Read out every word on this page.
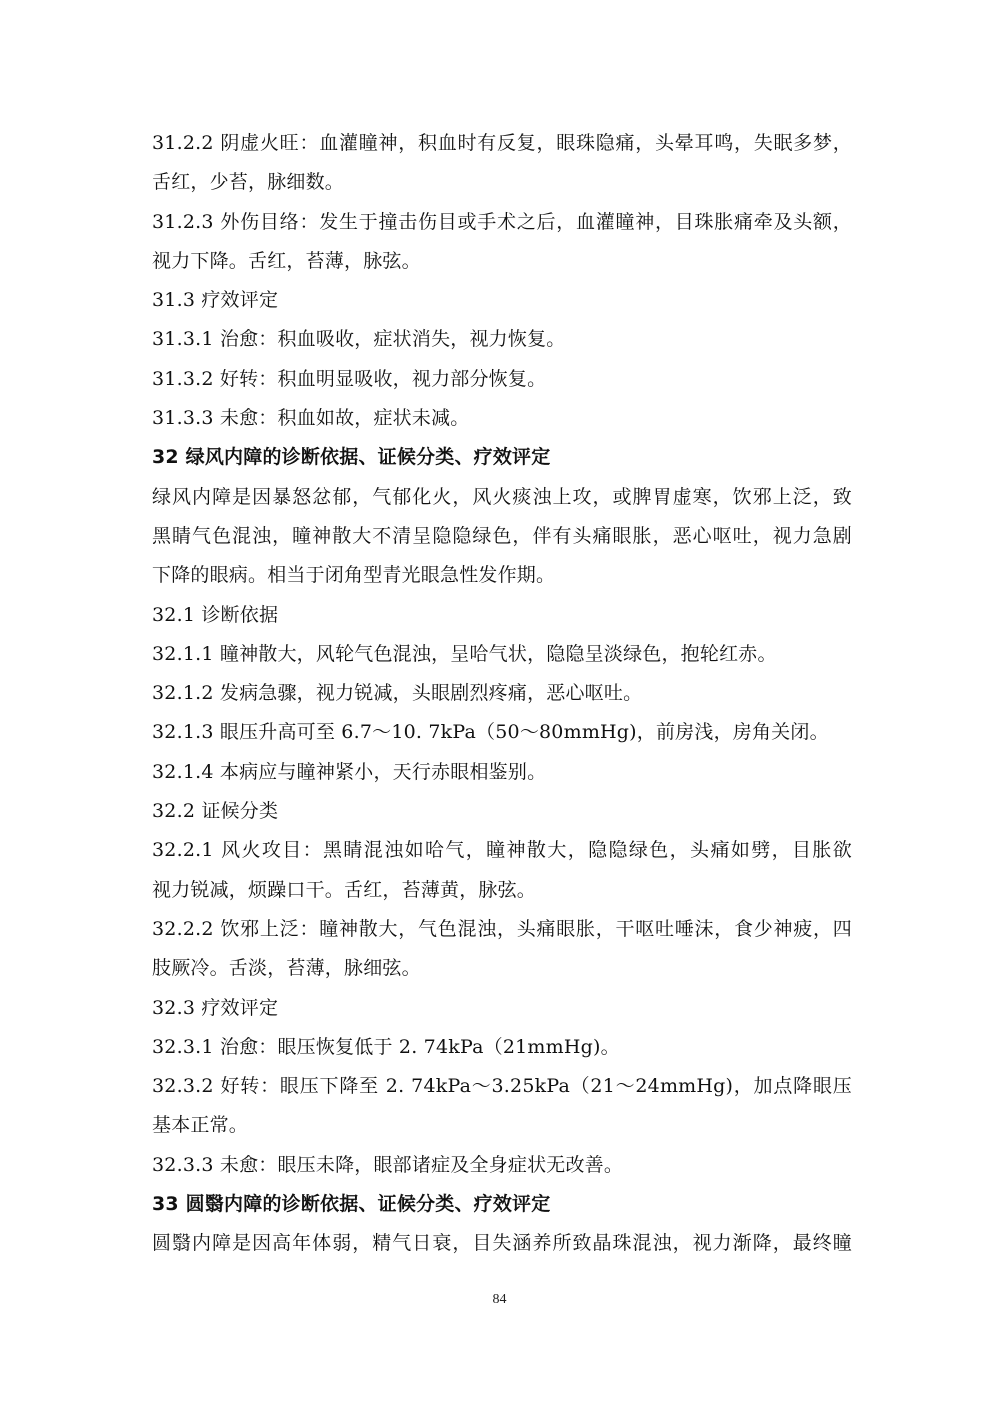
31.2.2 阴虚火旺：血灌瞳神，积血时有反复，眼珠隐痛，头晕耳鸣，失眠多梦，
舌红，少苔，脉细数。
31.2.3 外伤目络：发生于撞击伤目或手术之后，血灌瞳神，目珠胀痛牵及头额，
视力下降。舌红，苔薄，脉弦。
31.3 疗效评定
31.3.1 治愈：积血吸收，症状消失，视力恢复。
31.3.2 好转：积血明显吸收，视力部分恢复。
31.3.3 未愈：积血如故，症状未减。
32 绿风内障的诊断依据、证候分类、疗效评定
绿风内障是因暴怒忿郁，气郁化火，风火痰浊上攻，或脾胃虚寒，饮邪上泛，致
黑睛气色混浊，瞳神散大不清呈隐隐绿色，伴有头痛眼胀，恶心呕吐，视力急剧
下降的眼病。相当于闭角型青光眼急性发作期。
32.1 诊断依据
32.1.1 瞳神散大，风轮气色混浊，呈哈气状，隐隐呈淡绿色，抱轮红赤。
32.1.2 发病急骤，视力锐减，头眼剧烈疼痛，恶心呕吐。
32.1.3 眼压升高可至 6.7～10. 7kPa（50～80mmHg)，前房浅，房角关闭。
32.1.4 本病应与瞳神紧小，天行赤眼相鉴别。
32.2 证候分类
32.2.1 风火攻目：黑睛混浊如哈气，瞳神散大，隐隐绿色，头痛如劈，目胀欲
视力锐减，烦躁口干。舌红，苔薄黄，脉弦。
32.2.2 饮邪上泛：瞳神散大，气色混浊，头痛眼胀，干呕吐唾沫，食少神疲，四
肢厥冷。舌淡，苔薄，脉细弦。
32.3 疗效评定
32.3.1 治愈：眼压恢复低于 2. 74kPa（21mmHg)。
32.3.2 好转：眼压下降至 2. 74kPa～3.25kPa（21～24mmHg)，加点降眼压
基本正常。
32.3.3 未愈：眼压未降，眼部诸症及全身症状无改善。
33 圆翳内障的诊断依据、证候分类、疗效评定
圆翳内障是因高年体弱，精气日衰，目失涵养所致晶珠混浊，视力渐降，最终瞳
84
